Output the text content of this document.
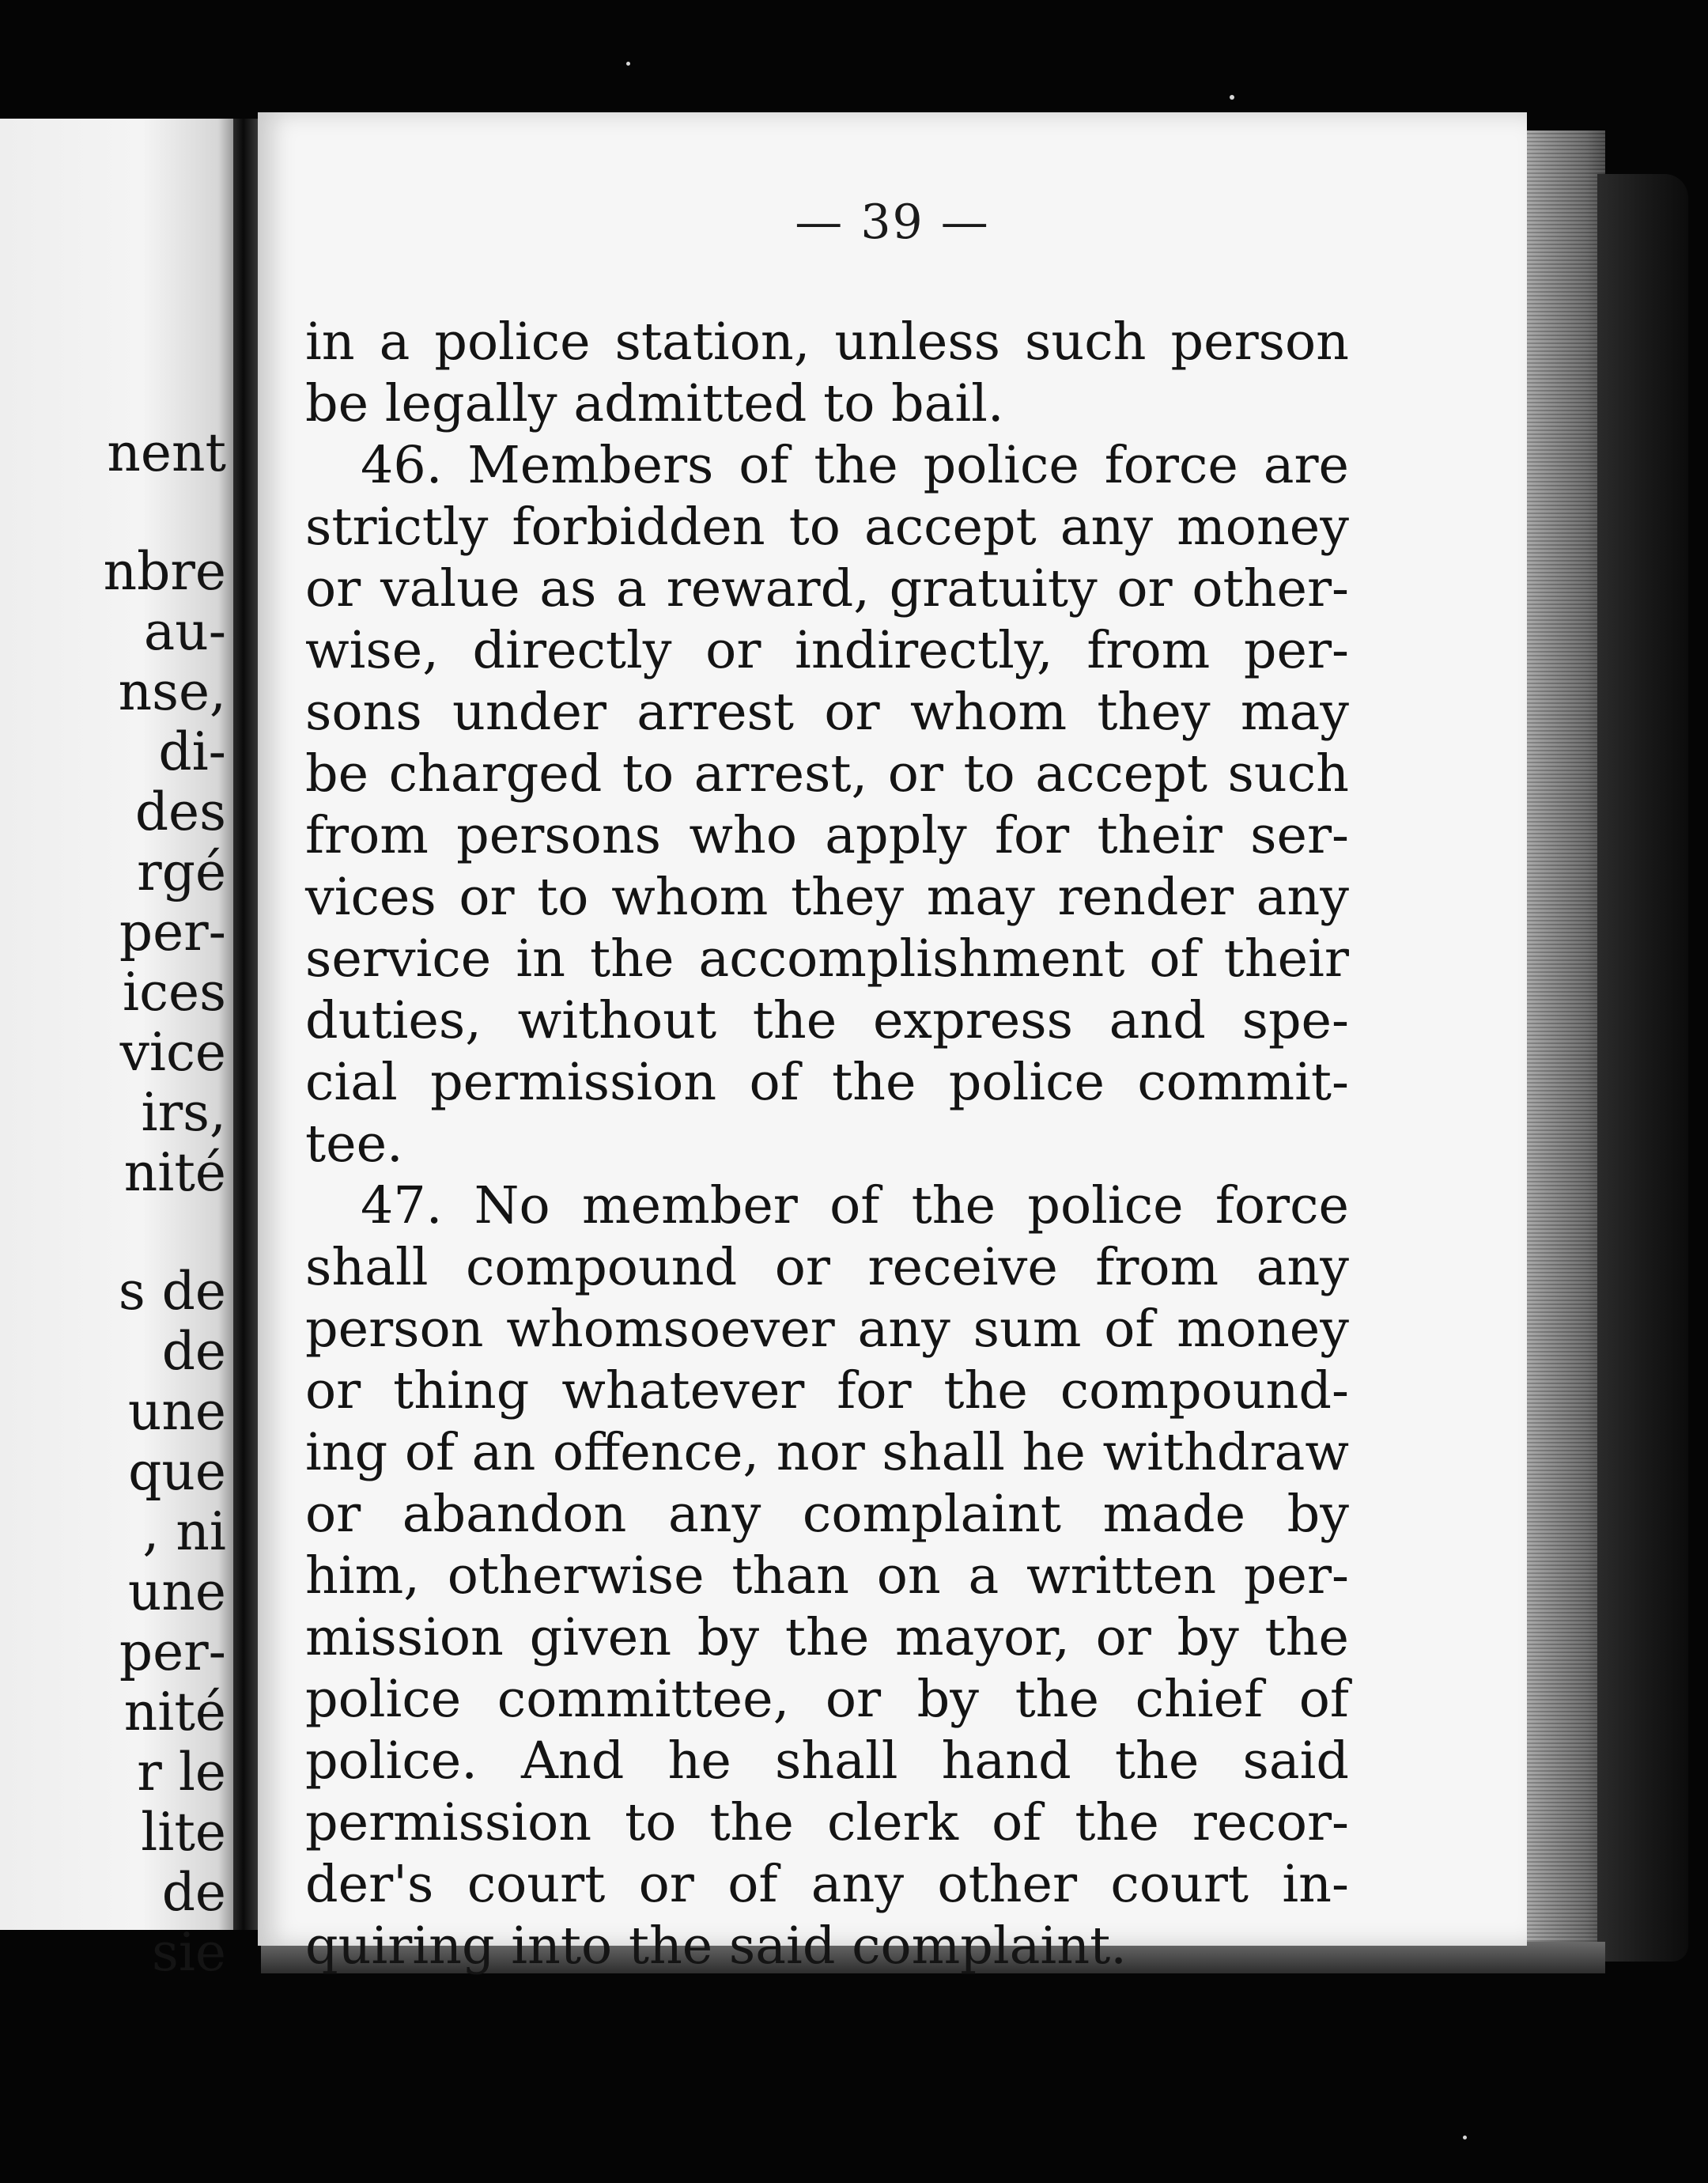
nent
nbre
au-
nse,
di-
des
rgé
per-
ices
vice
irs,
nité
s de
de
une
que
, ni
une
per-
nité
r le
lite
de
sie
— 39 —
in a police station, unless such person
be legally admitted to bail.
46. Members of the police force are
strictly forbidden to accept any money
or value as a reward, gratuity or other-
wise, directly or indirectly, from per-
sons under arrest or whom they may
be charged to arrest, or to accept such
from persons who apply for their ser-
vices or to whom they may render any
service in the accomplishment of their
duties, without the express and spe-
cial permission of the police commit-
tee.
47. No member of the police force
shall compound or receive from any
person whomsoever any sum of money
or thing whatever for the compound-
ing of an offence, nor shall he withdraw
or abandon any complaint made by
him, otherwise than on a written per-
mission given by the mayor, or by the
police committee, or by the chief of
police. And he shall hand the said
permission to the clerk of the recor-
der's court or of any other court in-
quiring into the said complaint.
